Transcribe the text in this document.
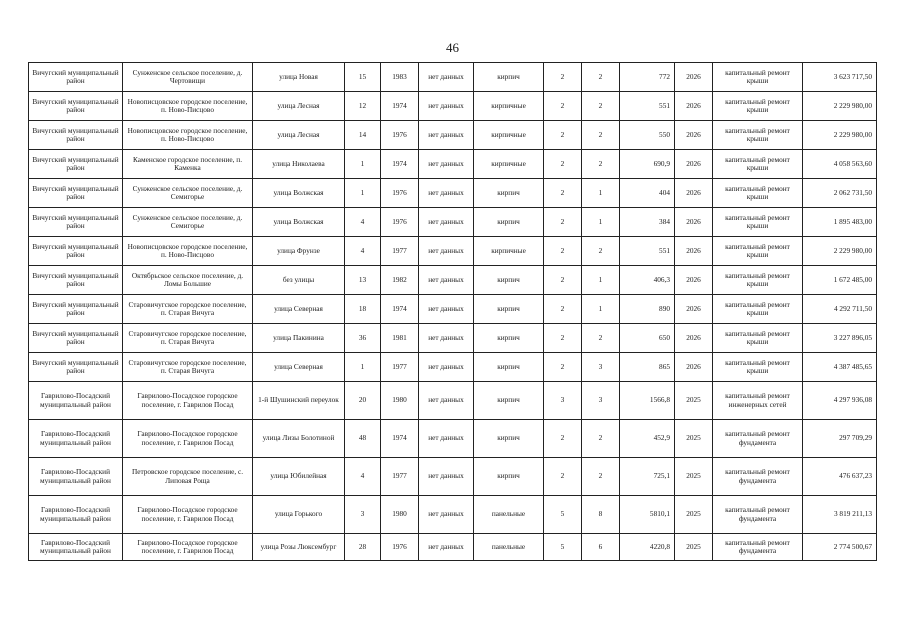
46
Вичугский муниципальный район	Сунженское сельское поселение, д. Чертовищи	улица Новая	15	1983	нет данных	кирпич	2	2	772	2026	капитальный ремонт крыши	3 623 717,50
Вичугский муниципальный район	Новописцовское городское поселение, п. Ново-Писцово	улица Лесная	12	1974	нет данных	кирпичные	2	2	551	2026	капитальный ремонт крыши	2 229 980,00
Вичугский муниципальный район	Новописцовское городское поселение, п. Ново-Писцово	улица Лесная	14	1976	нет данных	кирпичные	2	2	550	2026	капитальный ремонт крыши	2 229 980,00
Вичугский муниципальный район	Каменское городское поселение, п. Каменка	улица Николаева	1	1974	нет данных	кирпичные	2	2	690,9	2026	капитальный ремонт крыши	4 058 563,60
Вичугский муниципальный район	Сунженское сельское поселение, д. Семигорье	улица Волжская	1	1976	нет данных	кирпич	2	1	404	2026	капитальный ремонт крыши	2 062 731,50
Вичугский муниципальный район	Сунженское сельское поселение, д. Семигорье	улица Волжская	4	1976	нет данных	кирпич	2	1	384	2026	капитальный ремонт крыши	1 895 483,00
Вичугский муниципальный район	Новописцовское городское поселение, п. Ново-Писцово	улица Фрунзе	4	1977	нет данных	кирпичные	2	2	551	2026	капитальный ремонт крыши	2 229 980,00
Вичугский муниципальный район	Октябрьское сельское поселение, д. Ломы Большие	без улицы	13	1982	нет данных	кирпич	2	1	406,3	2026	капитальный ремонт крыши	1 672 485,00
Вичугский муниципальный район	Старовичугское городское поселение, п. Старая Вичуга	улица Северная	18	1974	нет данных	кирпич	2	1	890	2026	капитальный ремонт крыши	4 292 711,50
Вичугский муниципальный район	Старовичугское городское поселение, п. Старая Вичуга	улица Пакинина	36	1981	нет данных	кирпич	2	2	650	2026	капитальный ремонт крыши	3 227 896,05
Вичугский муниципальный район	Старовичугское городское поселение, п. Старая Вичуга	улица Северная	1	1977	нет данных	кирпич	2	3	865	2026	капитальный ремонт крыши	4 387 485,65
Гаврилово-Посадский муниципальный район	Гаврилово-Посадское городское поселение, г. Гаврилов Посад	1-й Шушинский переулок	20	1980	нет данных	кирпич	3	3	1566,8	2025	капитальный ремонт инженерных сетей	4 297 936,08
Гаврилово-Посадский муниципальный район	Гаврилово-Посадское городское поселение, г. Гаврилов Посад	улица Лизы Болотиной	48	1974	нет данных	кирпич	2	2	452,9	2025	капитальный ремонт фундамента	297 709,29
Гаврилово-Посадский муниципальный район	Петровское городское поселение, с. Липовая Роща	улица Юбилейная	4	1977	нет данных	кирпич	2	2	725,1	2025	капитальный ремонт фундамента	476 637,23
Гаврилово-Посадский муниципальный район	Гаврилово-Посадское городское поселение, г. Гаврилов Посад	улица Горького	3	1980	нет данных	панельные	5	8	5810,1	2025	капитальный ремонт фундамента	3 819 211,13
Гаврилово-Посадский муниципальный район	Гаврилово-Посадское городское поселение, г. Гаврилов Посад	улица Розы Люксембург	28	1976	нет данных	панельные	5	6	4220,8	2025	капитальный ремонт фундамента	2 774 500,67
